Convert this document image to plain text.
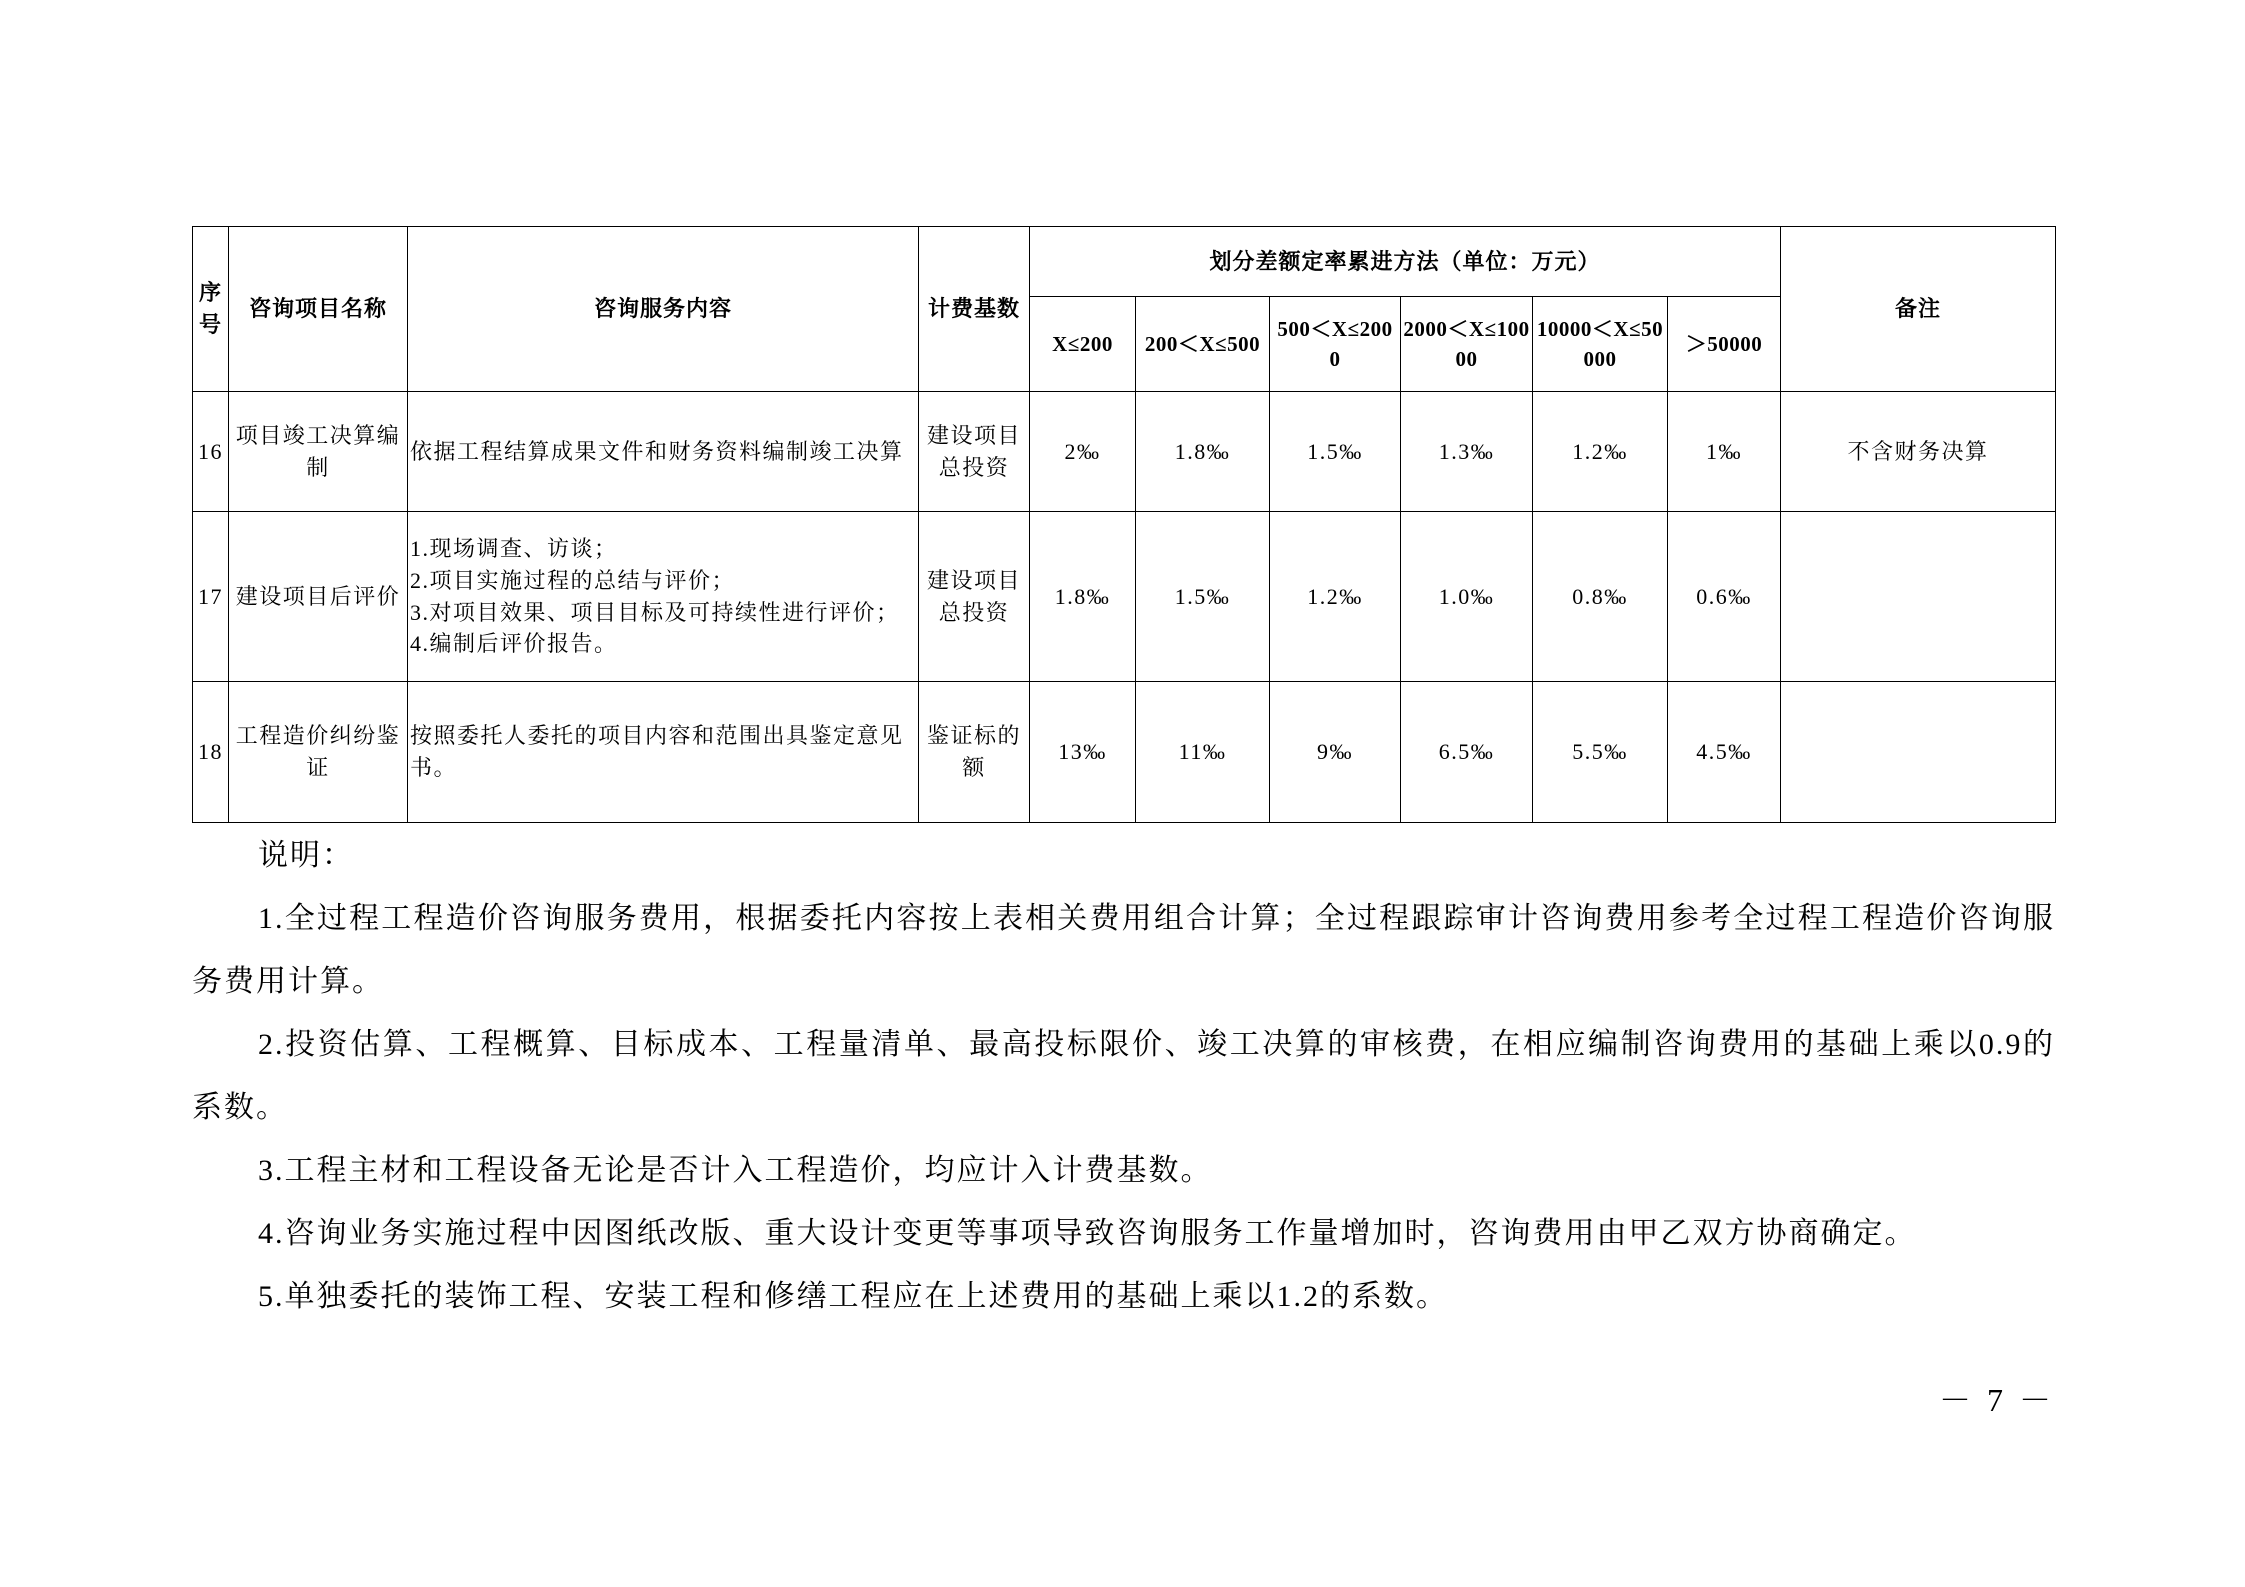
序号	咨询项目名称	咨询服务内容	计费基数	划分差额定率累进方法（单位：万元）						备注
				X≤200	200＜X≤500	500＜X≤2000	2000＜X≤10000	10000＜X≤50000	＞50000	
16	项目竣工决算编制	依据工程结算成果文件和财务资料编制竣工决算	建设项目总投资	2‰	1.8‰	1.5‰	1.3‰	1.2‰	1‰	不含财务决算
17	建设项目后评价	1.现场调查、访谈；
2.项目实施过程的总结与评价；
3.对项目效果、项目目标及可持续性进行评价；
4.编制后评价报告。	建设项目总投资	1.8‰	1.5‰	1.2‰	1.0‰	0.8‰	0.6‰	
18	工程造价纠纷鉴证	按照委托人委托的项目内容和范围出具鉴定意见书。	鉴证标的额	13‰	11‰	9‰	6.5‰	5.5‰	4.5‰	

说明：

1.全过程工程造价咨询服务费用，根据委托内容按上表相关费用组合计算；全过程跟踪审计咨询费用参考全过程工程造价咨询服务费用计算。

2.投资估算、工程概算、目标成本、工程量清单、最高投标限价、竣工决算的审核费，在相应编制咨询费用的基础上乘以0.9的系数。

3.工程主材和工程设备无论是否计入工程造价，均应计入计费基数。

4.咨询业务实施过程中因图纸改版、重大设计变更等事项导致咨询服务工作量增加时，咨询费用由甲乙双方协商确定。

5.单独委托的装饰工程、安装工程和修缮工程应在上述费用的基础上乘以1.2的系数。

－ 7 －
